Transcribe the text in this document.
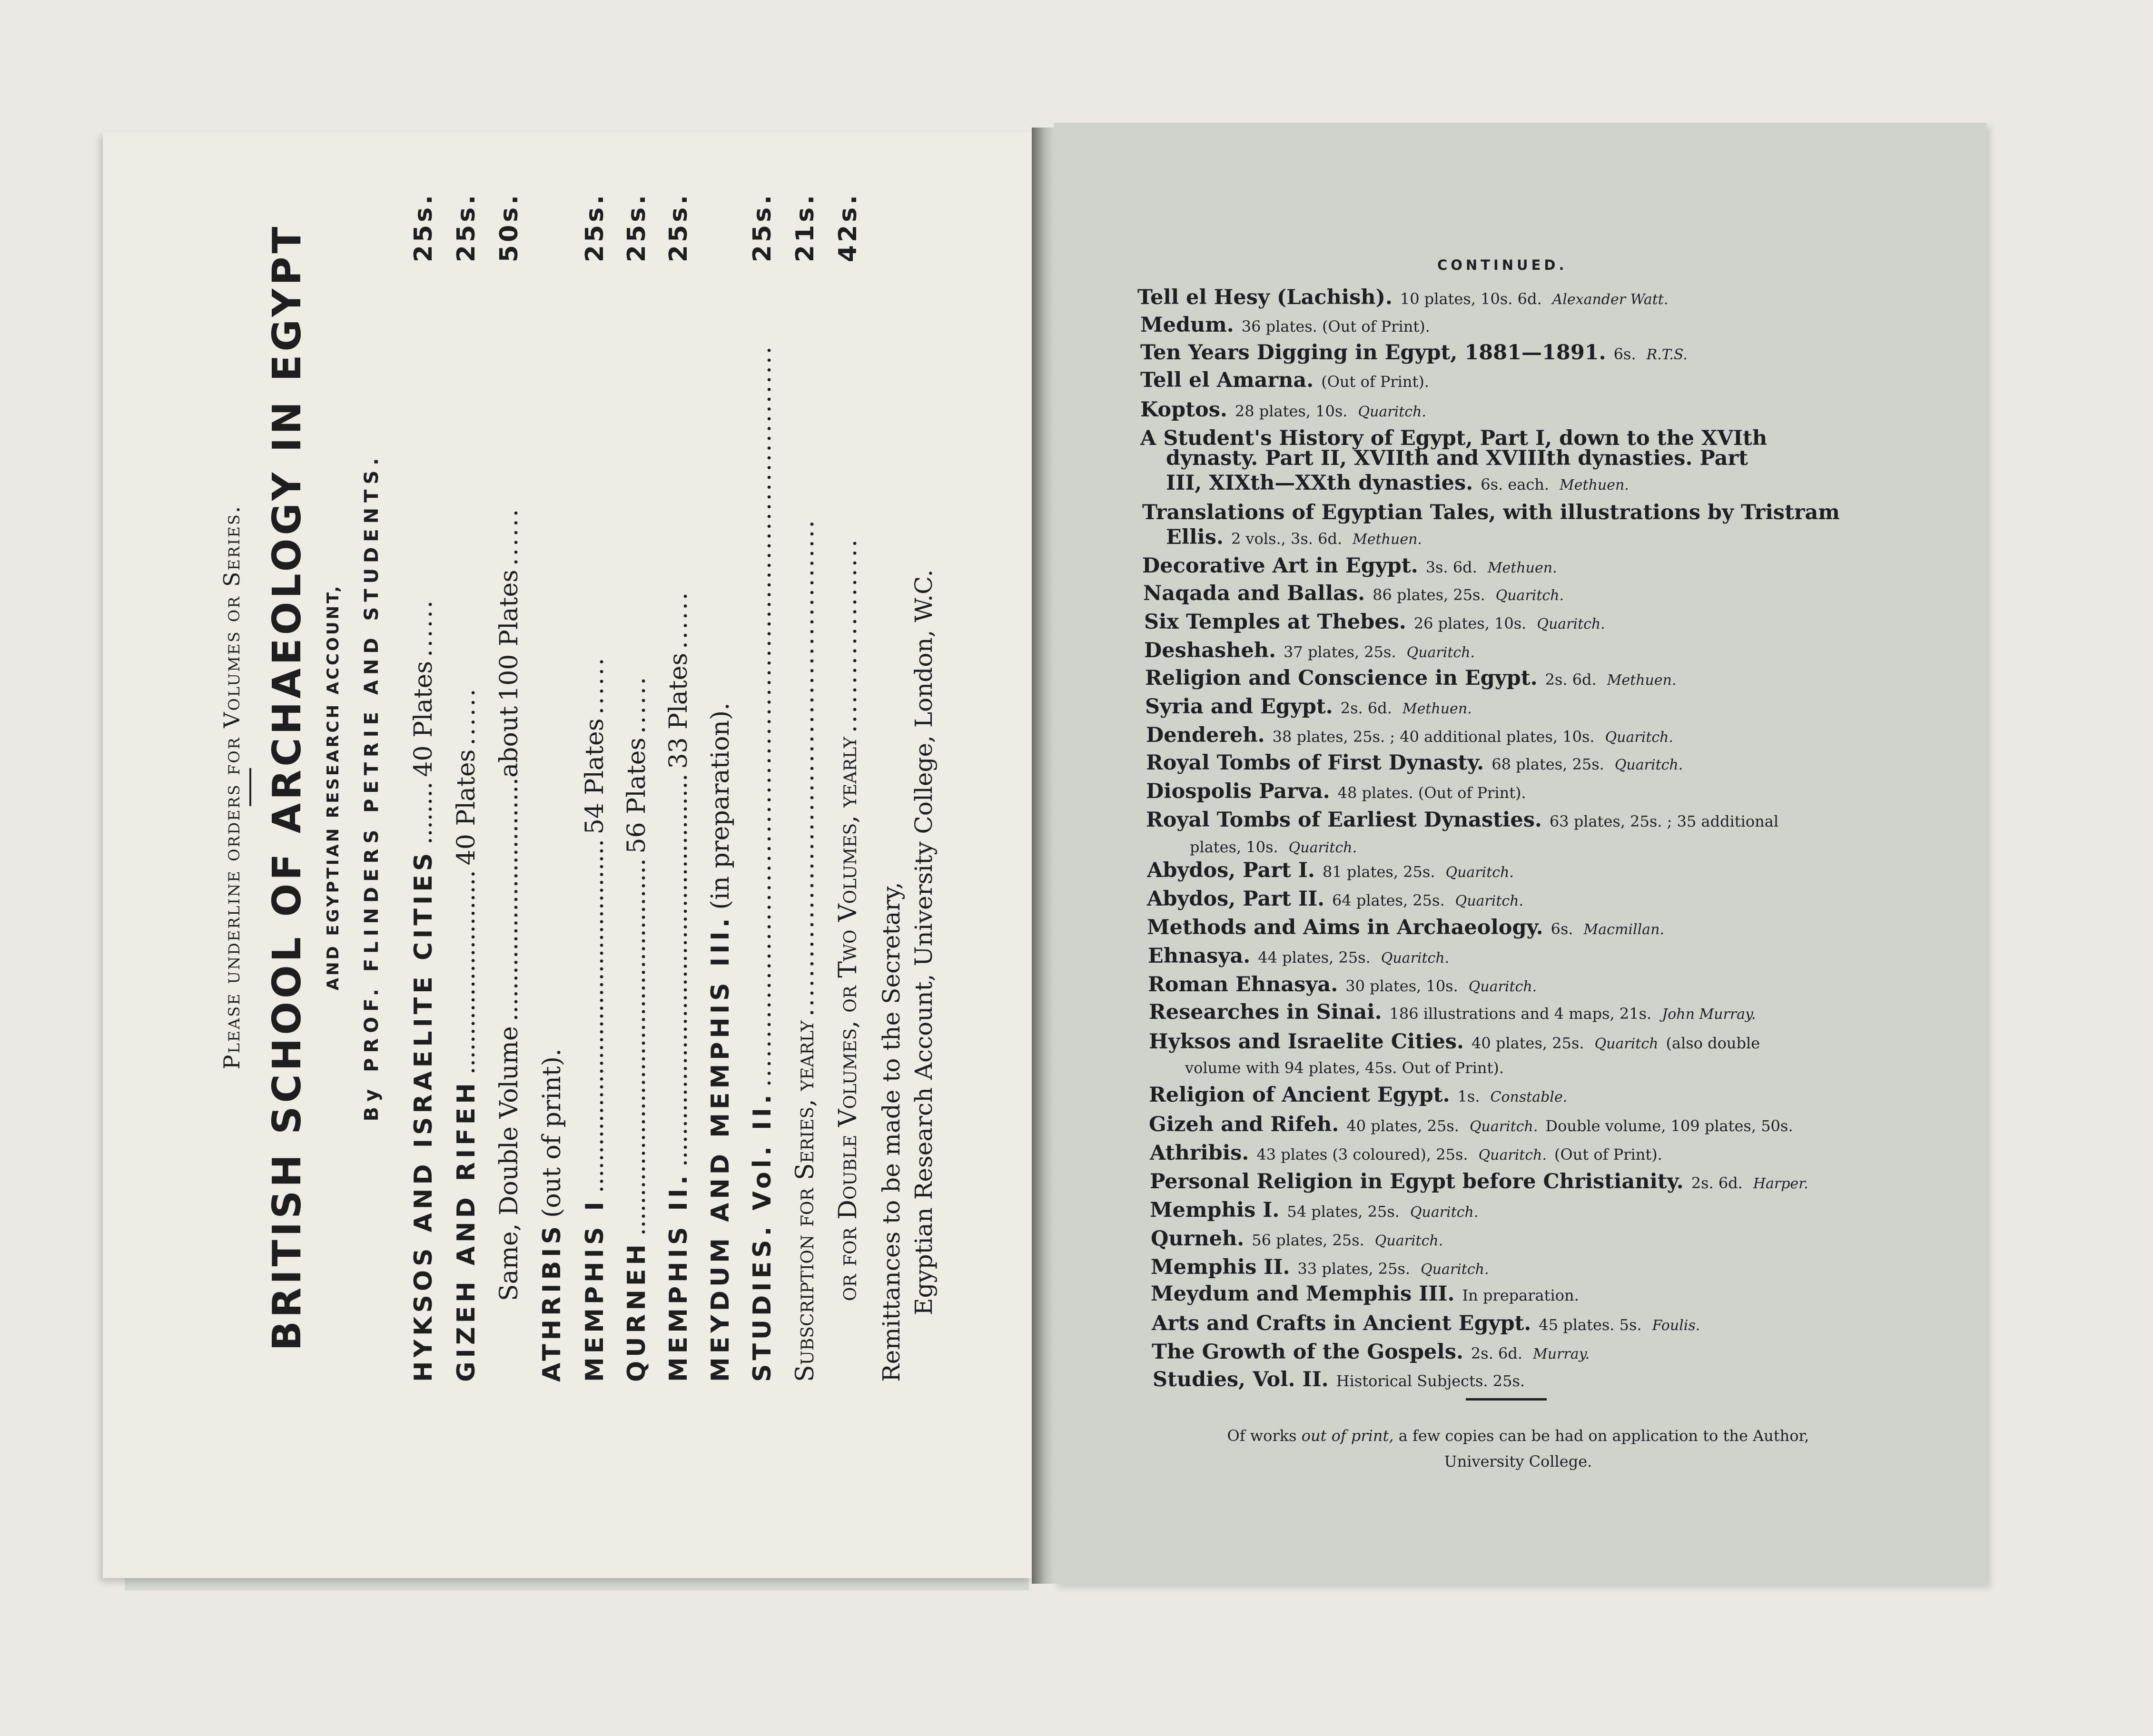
Please underline orders for Volumes or Series. BRITISH SCHOOL OF ARCHAEOLOGY IN EGYPT AND EGYPTIAN RESEARCH ACCOUNT, By PROF. FLINDERS PETRIE AND STUDENTS. HYKSOS AND ISRAELITE CITIES
........
40 Plates
......
25s.
GIZEH AND RIFEH
..........................
40 Plates
......
25s.
Same, Double Volume
...............................about
100 Plates
......
50s.
ATHRIBIS
(out of print).
MEMPHIS I
.............................................
54 Plates
......
25s.
QURNEH
................................................
56 Plates
......
25s.
MEMPHIS II.
..................................................
33 Plates
......
25s.
MEYDUM AND MEMPHIS III.
(in preparation).
STUDIES. Vol. II.
............................................................................
25s.
Subscription for Series, yearly
...................................................
21s.
or for Double Volumes, or Two Volumes, yearly
....................
42s.
Remittances to be made to the Secretary, Egyptian Research Account, University College, London, W.C.
CONTINUED.
Tell el Hesy (Lachish). 10 plates, 10s. 6d. Alexander Watt.
Medum. 36 plates. (Out of Print).
Ten Years Digging in Egypt, 1881—1891. 6s. R.T.S.
Tell el Amarna. (Out of Print).
Koptos. 28 plates, 10s. Quaritch.
A Student's History of Egypt, Part I, down to the XVIth
dynasty. Part II, XVIIth and XVIIIth dynasties. Part
III, XIXth—XXth dynasties. 6s. each. Methuen.
Translations of Egyptian Tales, with illustrations by Tristram
Ellis. 2 vols., 3s. 6d. Methuen.
Decorative Art in Egypt. 3s. 6d. Methuen.
Naqada and Ballas. 86 plates, 25s. Quaritch.
Six Temples at Thebes. 26 plates, 10s. Quaritch.
Deshasheh. 37 plates, 25s. Quaritch.
Religion and Conscience in Egypt. 2s. 6d. Methuen.
Syria and Egypt. 2s. 6d. Methuen.
Dendereh. 38 plates, 25s. ; 40 additional plates, 10s. Quaritch.
Royal Tombs of First Dynasty. 68 plates, 25s. Quaritch.
Diospolis Parva. 48 plates. (Out of Print).
Royal Tombs of Earliest Dynasties. 63 plates, 25s. ; 35 additional
plates, 10s. Quaritch.
Abydos, Part I. 81 plates, 25s. Quaritch.
Abydos, Part II. 64 plates, 25s. Quaritch.
Methods and Aims in Archaeology. 6s. Macmillan.
Ehnasya. 44 plates, 25s. Quaritch.
Roman Ehnasya. 30 plates, 10s. Quaritch.
Researches in Sinai. 186 illustrations and 4 maps, 21s. John Murray.
Hyksos and Israelite Cities. 40 plates, 25s. Quaritch (also double
volume with 94 plates, 45s. Out of Print).
Religion of Ancient Egypt. 1s. Constable.
Gizeh and Rifeh. 40 plates, 25s. Quaritch. Double volume, 109 plates, 50s.
Athribis. 43 plates (3 coloured), 25s. Quaritch. (Out of Print).
Personal Religion in Egypt before Christianity. 2s. 6d. Harper.
Memphis I. 54 plates, 25s. Quaritch.
Qurneh. 56 plates, 25s. Quaritch.
Memphis II. 33 plates, 25s. Quaritch.
Meydum and Memphis III. In preparation.
Arts and Crafts in Ancient Egypt. 45 plates. 5s. Foulis.
The Growth of the Gospels. 2s. 6d. Murray.
Studies, Vol. II. Historical Subjects. 25s.
Of works out of print, a few copies can be had on application to the Author,
University College.
